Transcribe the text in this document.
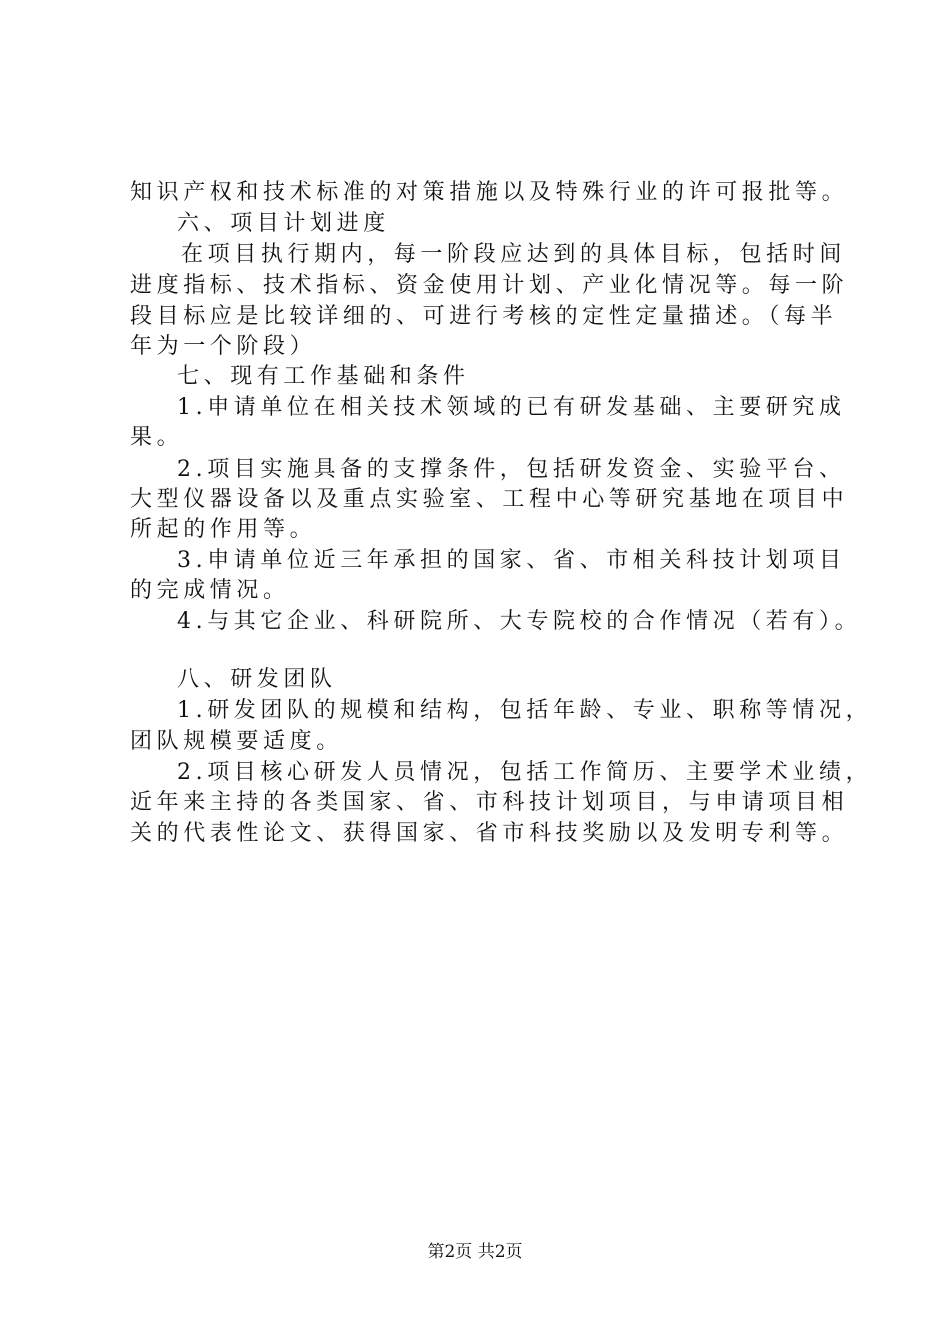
知识产权和技术标准的对策措施以及特殊行业的许可报批等。
六、项目计划进度
在项目执行期内，每一阶段应达到的具体目标，包括时间
进度指标、技术指标、资金使用计划、产业化情况等。每一阶
段目标应是比较详细的、可进行考核的定性定量描述。（每半
年为一个阶段）
七、现有工作基础和条件
1.申请单位在相关技术领域的已有研发基础、主要研究成
果。
2.项目实施具备的支撑条件，包括研发资金、实验平台、
大型仪器设备以及重点实验室、工程中心等研究基地在项目中
所起的作用等。
3.申请单位近三年承担的国家、省、市相关科技计划项目
的完成情况。
4.与其它企业、科研院所、大专院校的合作情况（若有）。
八、研发团队
1.研发团队的规模和结构，包括年龄、专业、职称等情况，
团队规模要适度。
2.项目核心研发人员情况，包括工作简历、主要学术业绩，
近年来主持的各类国家、省、市科技计划项目，与申请项目相
关的代表性论文、获得国家、省市科技奖励以及发明专利等。
第2页 共2页
